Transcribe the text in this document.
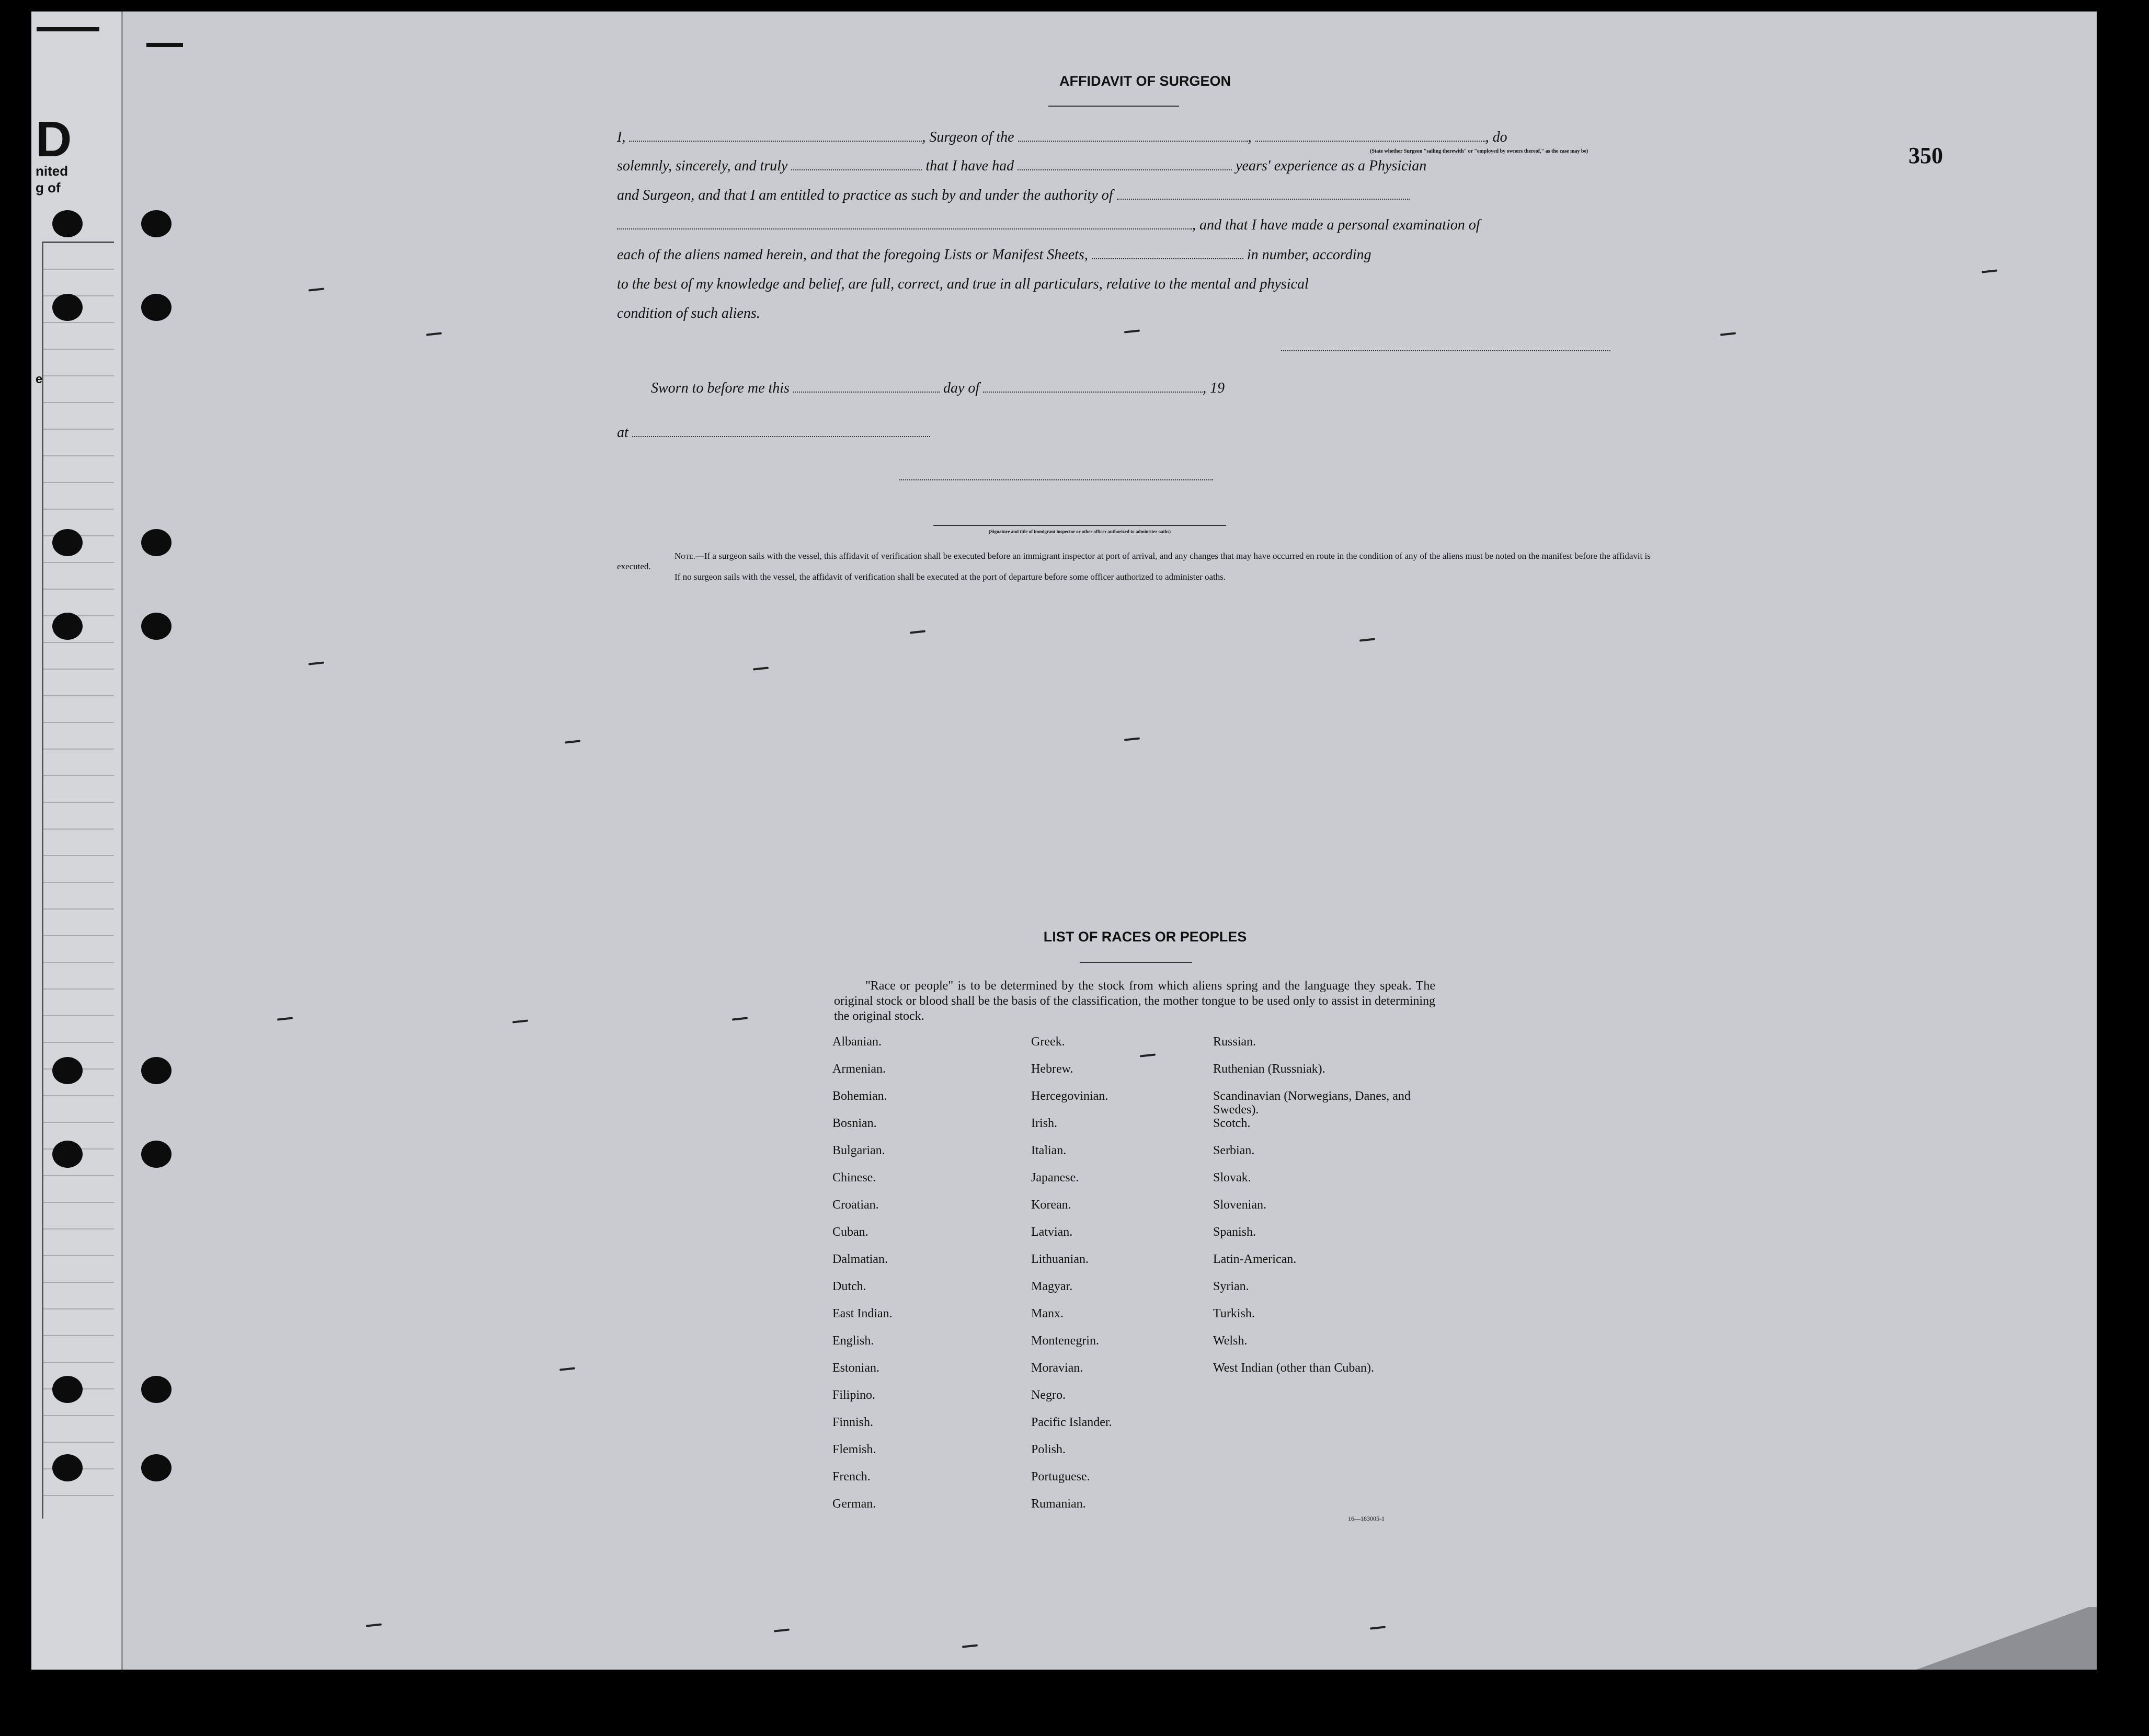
D
nited
g of
e
350
AFFIDAVIT OF SURGEON
I,	, Surgeon of the	,	, do
(State whether Surgeon "sailing therewith" or "employed by owners thereof," as the case may be)
solemnly, sincerely, and truly	that I have had	years' experience as a Physician
and Surgeon, and that I am entitled to practice as such by and under the authority of
, and that I have made a personal examination of
each of the aliens named herein, and that the foregoing Lists or Manifest Sheets,	in number, according
to the best of my knowledge and belief, are full, correct, and true in all particulars, relative to the mental and physical
condition of such aliens.
Sworn to before me this	day of	, 19
at
(Signature and title of immigrant inspector or other officer authorized to administer oaths)
Note.—If a surgeon sails with the vessel, this affidavit of verification shall be executed before an immigrant inspector at port of arrival, and any changes that may have occurred en route in the condition of any of the aliens must be noted on the manifest before the affidavit is executed.
If no surgeon sails with the vessel, the affidavit of verification shall be executed at the port of departure before some officer authorized to administer oaths.
LIST OF RACES OR PEOPLES
"Race or people" is to be determined by the stock from which aliens spring and the language they speak. The original stock or blood shall be the basis of the classification, the mother tongue to be used only to assist in determining the original stock.
Albanian.
Armenian.
Bohemian.
Bosnian.
Bulgarian.
Chinese.
Croatian.
Cuban.
Dalmatian.
Dutch.
East Indian.
English.
Estonian.
Filipino.
Finnish.
Flemish.
French.
German.
Greek.
Hebrew.
Hercegovinian.
Irish.
Italian.
Japanese.
Korean.
Latvian.
Lithuanian.
Magyar.
Manx.
Montenegrin.
Moravian.
Negro.
Pacific Islander.
Polish.
Portuguese.
Rumanian.
Russian.
Ruthenian (Russniak).
Scandinavian (Norwegians, Danes, and Swedes).
Scotch.
Serbian.
Slovak.
Slovenian.
Spanish.
Latin-American.
Syrian.
Turkish.
Welsh.
West Indian (other than Cuban).
16—183005-1
